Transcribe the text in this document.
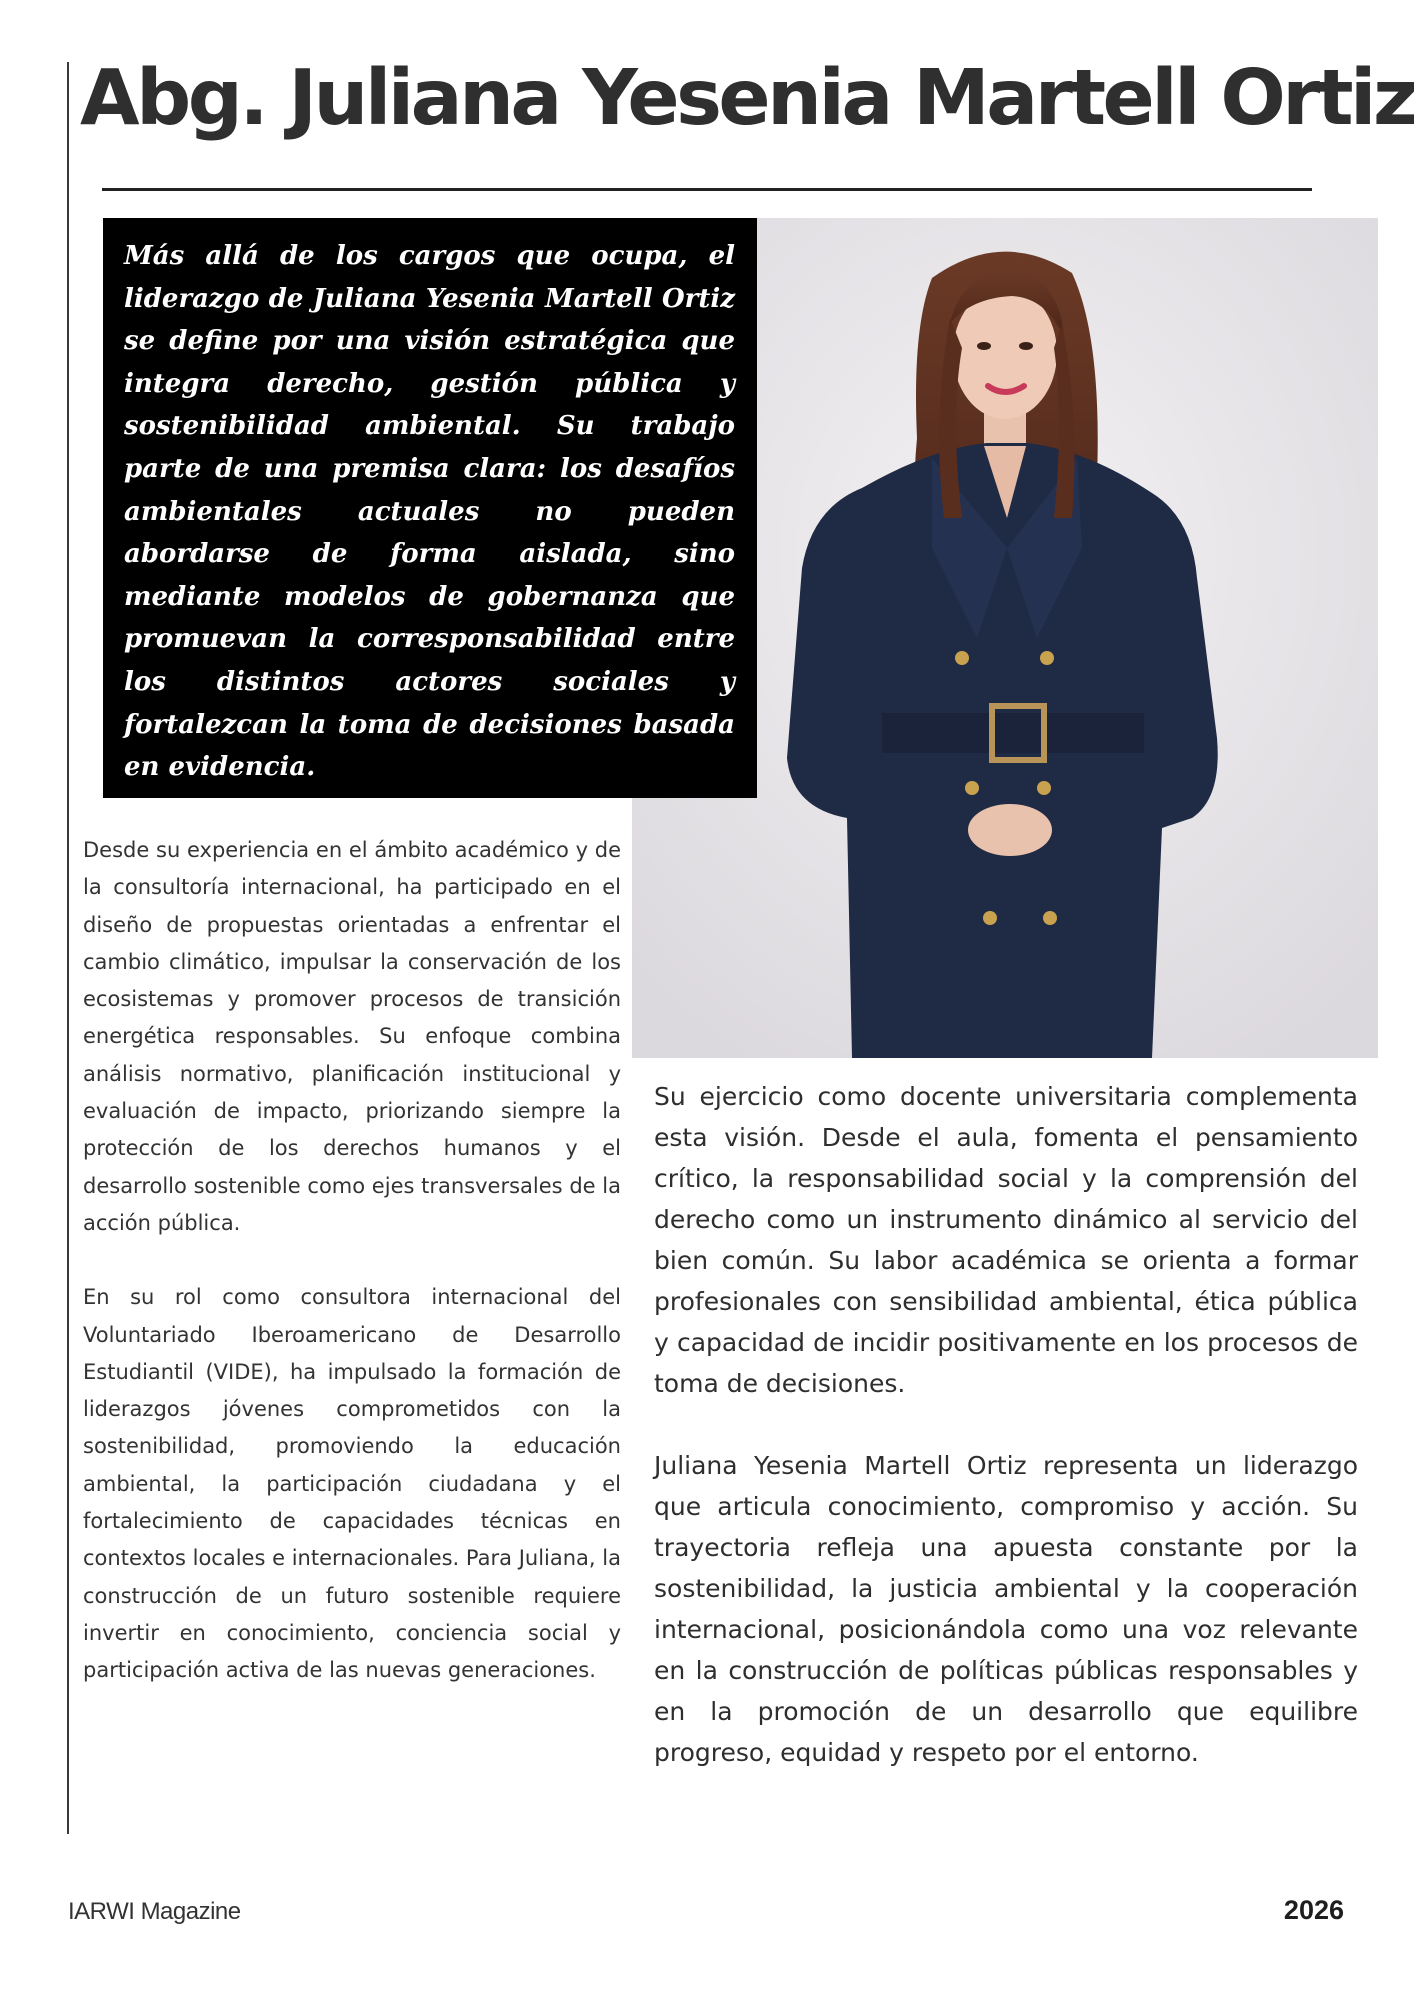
Abg. Juliana Yesenia Martell Ortiz

Más allá de los cargos que ocupa, el liderazgo de Juliana Yesenia Martell Ortiz se define por una visión estratégica que integra derecho, gestión pública y sostenibilidad ambiental. Su trabajo parte de una premisa clara: los desafíos ambientales actuales no pueden abordarse de forma aislada, sino mediante modelos de gobernanza que promuevan la corresponsabilidad entre los distintos actores sociales y fortalezcan la toma de decisiones basada en evidencia.

Desde su experiencia en el ámbito académico y de la consultoría internacional, ha participado en el diseño de propuestas orientadas a enfrentar el cambio climático, impulsar la conservación de los ecosistemas y promover procesos de transición energética responsables. Su enfoque combina análisis normativo, planificación institucional y evaluación de impacto, priorizando siempre la protección de los derechos humanos y el desarrollo sostenible como ejes transversales de la acción pública.

En su rol como consultora internacional del Voluntariado Iberoamericano de Desarrollo Estudiantil (VIDE), ha impulsado la formación de liderazgos jóvenes comprometidos con la sostenibilidad, promoviendo la educación ambiental, la participación ciudadana y el fortalecimiento de capacidades técnicas en contextos locales e internacionales. Para Juliana, la construcción de un futuro sostenible requiere invertir en conocimiento, conciencia social y participación activa de las nuevas generaciones.

Su ejercicio como docente universitaria complementa esta visión. Desde el aula, fomenta el pensamiento crítico, la responsabilidad social y la comprensión del derecho como un instrumento dinámico al servicio del bien común. Su labor académica se orienta a formar profesionales con sensibilidad ambiental, ética pública y capacidad de incidir positivamente en los procesos de toma de decisiones.

Juliana Yesenia Martell Ortiz representa un liderazgo que articula conocimiento, compromiso y acción. Su trayectoria refleja una apuesta constante por la sostenibilidad, la justicia ambiental y la cooperación internacional, posicionándola como una voz relevante en la construcción de políticas públicas responsables y en la promoción de un desarrollo que equilibre progreso, equidad y respeto por el entorno.

IARWI Magazine	2026
